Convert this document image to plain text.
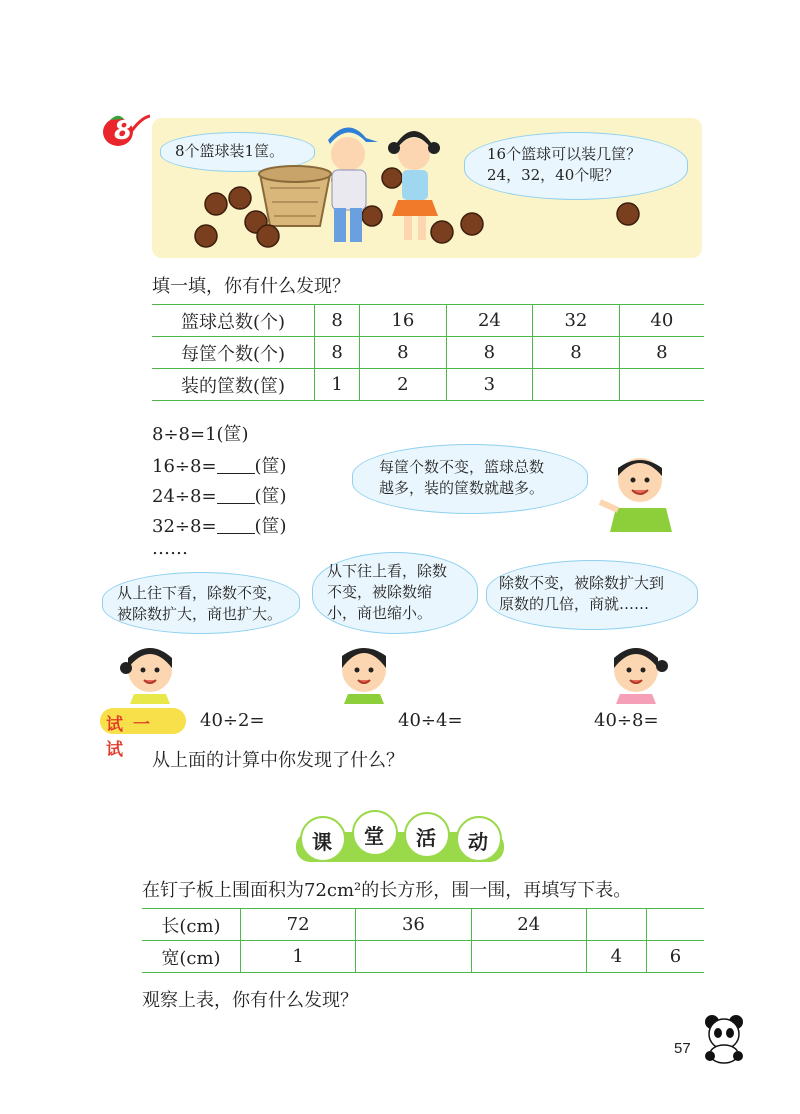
8
8个篮球装1筐。	16个篮球可以装几筐？
24，32，40个呢？
填一填，你有什么发现？
篮球总数(个)	8	16	24	32	40
每筐个数(个)	8	8	8	8	8
装的筐数(筐)	1	2	3		
8÷8=1(筐)
16÷8= (筐)
24÷8= (筐)
32÷8= (筐)
……
每筐个数不变，篮球总数
越多，装的筐数就越多。
从上往下看，除数不变，
被除数扩大，商也扩大。
从下往上看，除数
不变，被除数缩
小，商也缩小。
除数不变，被除数扩大到
原数的几倍，商就……
试一试
40÷2=	40÷4=	40÷8=
从上面的计算中你发现了什么？
课 堂 活 动
在钉子板上围面积为72cm²的长方形，围一围，再填写下表。
长(cm)	72	36	24		
宽(cm)	1			4	6
观察上表，你有什么发现？
57
